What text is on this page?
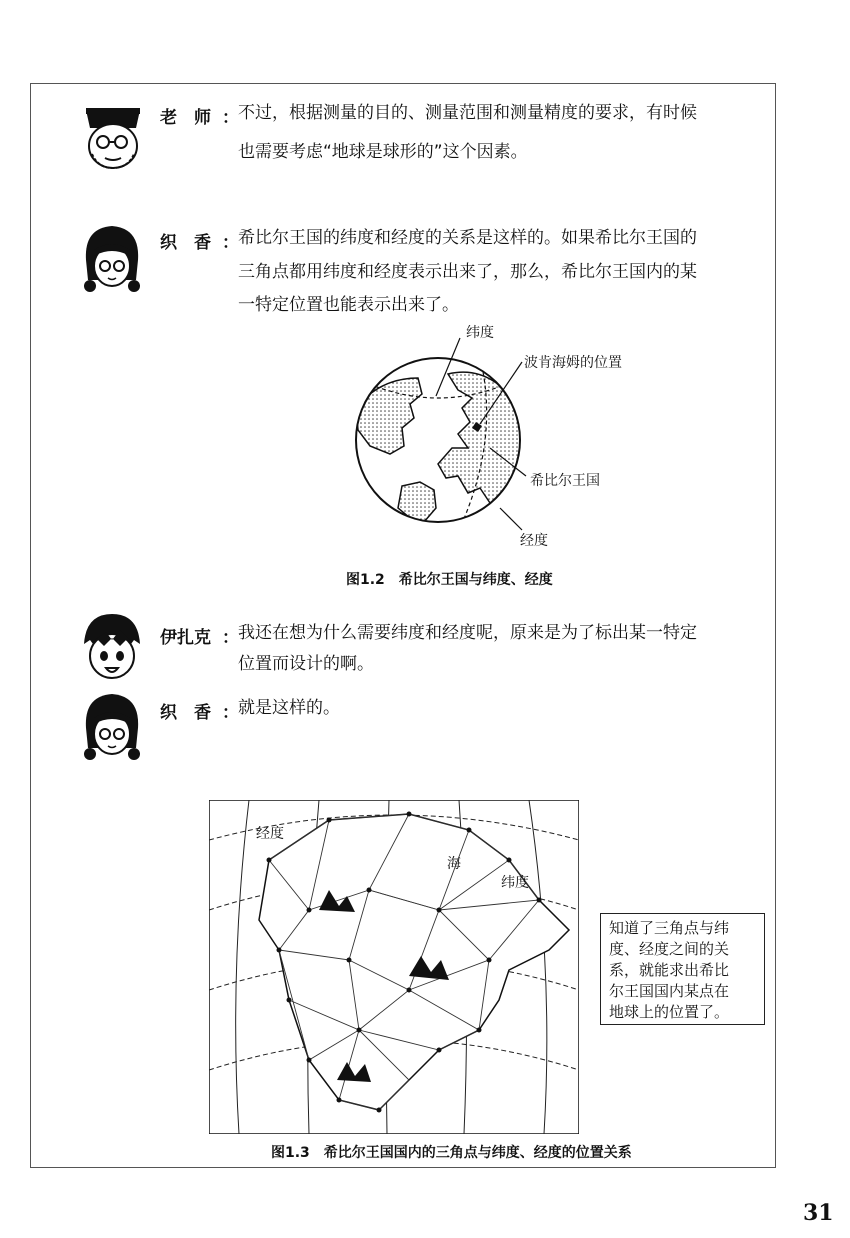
老　师 ： 不过，根据测量的目的、测量范围和测量精度的要求，有时候
也需要考虑“地球是球形的”这个因素。
织　香 ： 希比尔王国的纬度和经度的关系是这样的。如果希比尔王国的
三角点都用纬度和经度表示出来了，那么，希比尔王国内的某
一特定位置也能表示出来了。
纬度
波肯海姆的位置
希比尔王国
经度
图1.2　希比尔王国与纬度、经度
伊扎克 ： 我还在想为什么需要纬度和经度呢，原来是为了标出某一特定
位置而设计的啊。
织　香 ： 就是这样的。
经度
海
纬度
知道了三角点与纬
度、经度之间的关
系，就能求出希比
尔王国国内某点在
地球上的位置了。
图1.3　希比尔王国国内的三角点与纬度、经度的位置关系
31
